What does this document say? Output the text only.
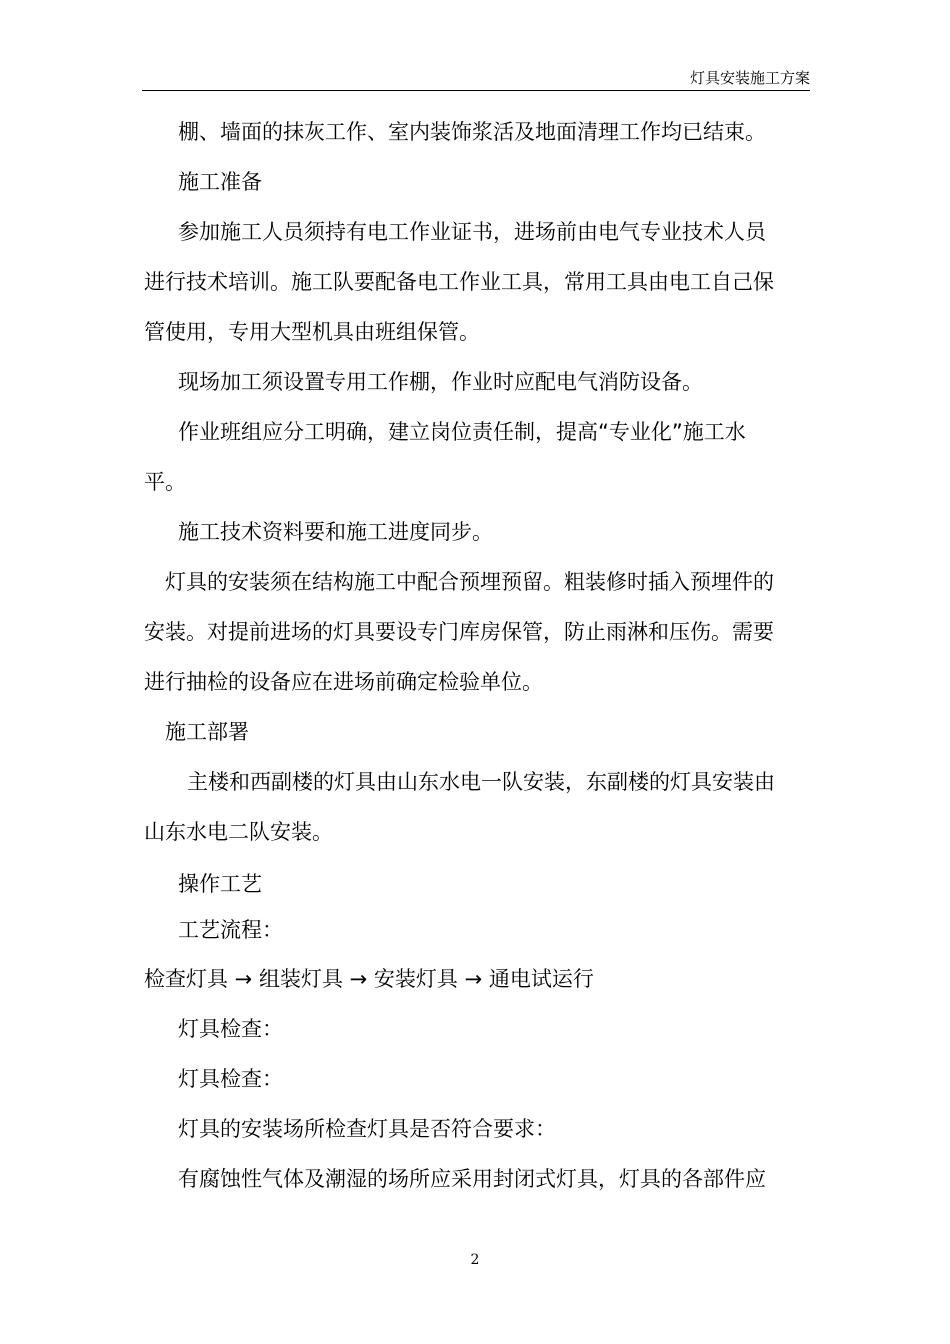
灯具安装施工方案
棚、墙面的抹灰工作、室内装饰浆活及地面清理工作均已结束。
施工准备
参加施工人员须持有电工作业证书，进场前由电气专业技术人员
进行技术培训。施工队要配备电工作业工具，常用工具由电工自己保
管使用，专用大型机具由班组保管。
现场加工须设置专用工作棚，作业时应配电气消防设备。
作业班组应分工明确，建立岗位责任制，提高“专业化”施工水
平。
施工技术资料要和施工进度同步。
灯具的安装须在结构施工中配合预埋预留。粗装修时插入预埋件的
安装。对提前进场的灯具要设专门库房保管，防止雨淋和压伤。需要
进行抽检的设备应在进场前确定检验单位。
施工部署
主楼和西副楼的灯具由山东水电一队安装，东副楼的灯具安装由
山东水电二队安装。
操作工艺
工艺流程：
检查灯具 → 组装灯具 → 安装灯具 → 通电试运行
灯具检查：
灯具检查：
灯具的安装场所检查灯具是否符合要求：
有腐蚀性气体及潮湿的场所应采用封闭式灯具，灯具的各部件应
2
